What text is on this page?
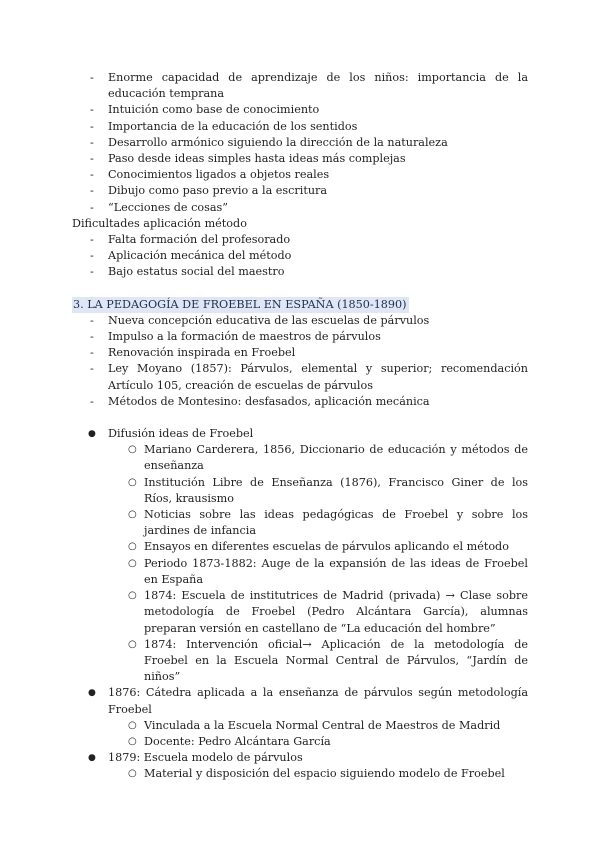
- Enorme capacidad de aprendizaje de los niños: importancia de la educación temprana
- Intuición como base de conocimiento
- Importancia de la educación de los sentidos
- Desarrollo armónico siguiendo la dirección de la naturaleza
- Paso desde ideas simples hasta ideas más complejas
- Conocimientos ligados a objetos reales
- Dibujo como paso previo a la escritura
- “Lecciones de cosas”
Dificultades aplicación método
- Falta formación del profesorado
- Aplicación mecánica del método
- Bajo estatus social del maestro
3. LA PEDAGOGÍA DE FROEBEL EN ESPAÑA (1850-1890)
- Nueva concepción educativa de las escuelas de párvulos
- Impulso a la formación de maestros de párvulos
- Renovación inspirada en Froebel
- Ley Moyano (1857): Párvulos, elemental y superior; recomendación Artículo 105, creación de escuelas de párvulos
- Métodos de Montesino: desfasados, aplicación mecánica
● Difusión ideas de Froebel
○ Mariano Carderera, 1856, Diccionario de educación y métodos de enseñanza
○ Institución Libre de Enseñanza (1876), Francisco Giner de los Ríos, krausismo
○ Noticias sobre las ideas pedagógicas de Froebel y sobre los jardines de infancia
○ Ensayos en diferentes escuelas de párvulos aplicando el método
○ Periodo 1873-1882: Auge de la expansión de las ideas de Froebel en España
○ 1874: Escuela de institutrices de Madrid (privada) → Clase sobre metodología de Froebel (Pedro Alcántara García), alumnas preparan versión en castellano de “La educación del hombre”
○ 1874: Intervención oficial→ Aplicación de la metodología de Froebel en la Escuela Normal Central de Párvulos, “Jardín de niños”
● 1876: Cátedra aplicada a la enseñanza de párvulos según metodología Froebel
○ Vinculada a la Escuela Normal Central de Maestros de Madrid
○ Docente: Pedro Alcántara García
● 1879: Escuela modelo de párvulos
○ Material y disposición del espacio siguiendo modelo de Froebel
